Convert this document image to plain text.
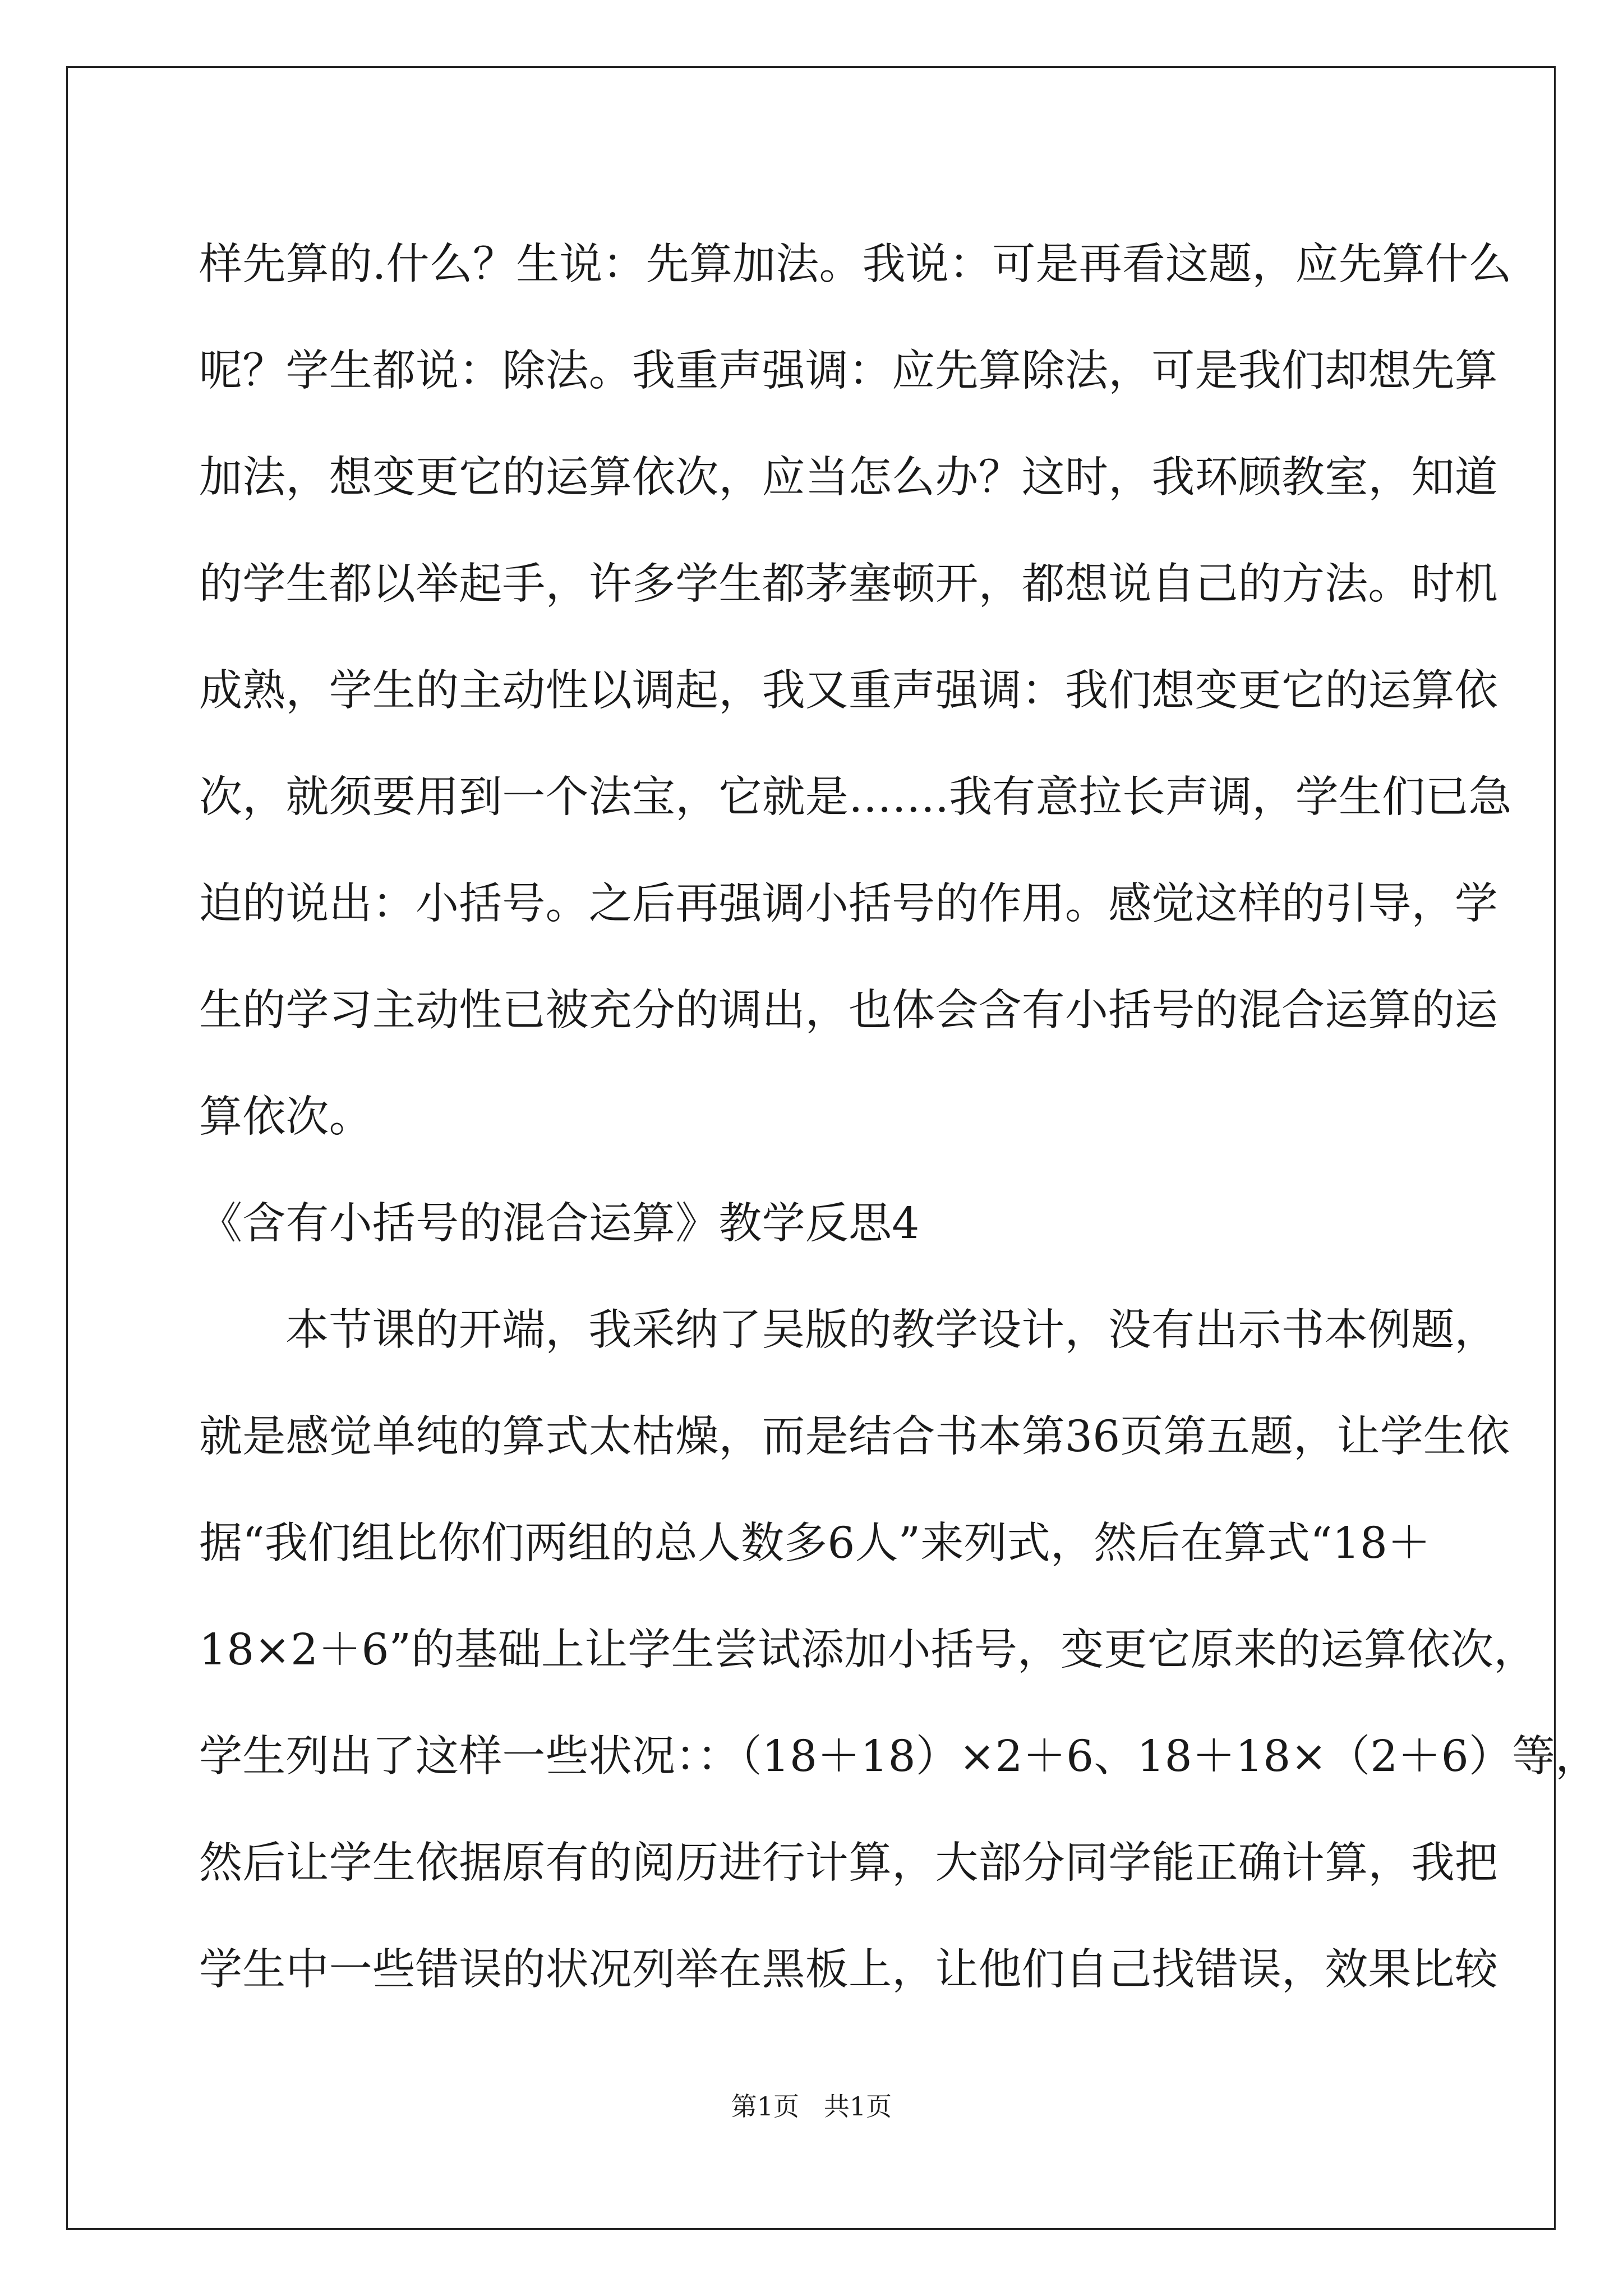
样先算的.什么？生说：先算加法。我说：可是再看这题，应先算什么
呢？学生都说：除法。我重声强调：应先算除法，可是我们却想先算
加法，想变更它的运算依次，应当怎么办？这时，我环顾教室，知道
的学生都以举起手，许多学生都茅塞顿开，都想说自己的方法。时机
成熟，学生的主动性以调起，我又重声强调：我们想变更它的运算依
次，就须要用到一个法宝，它就是…….我有意拉长声调，学生们已急
迫的说出：小括号。之后再强调小括号的作用。感觉这样的引导，学
生的学习主动性已被充分的调出，也体会含有小括号的混合运算的运
算依次。
《含有小括号的混合运算》教学反思4
本节课的开端，我采纳了吴版的教学设计，没有出示书本例题，
就是感觉单纯的算式太枯燥，而是结合书本第36页第五题，让学生依
据“我们组比你们两组的总人数多6人”来列式，然后在算式“18＋
18×2＋6”的基础上让学生尝试添加小括号，变更它原来的运算依次，
学生列出了这样一些状况：：（18＋18）×2＋6、18＋18×（2＋6）等，
然后让学生依据原有的阅历进行计算，大部分同学能正确计算，我把
学生中一些错误的状况列举在黑板上，让他们自己找错误，效果比较
第1页   共1页
